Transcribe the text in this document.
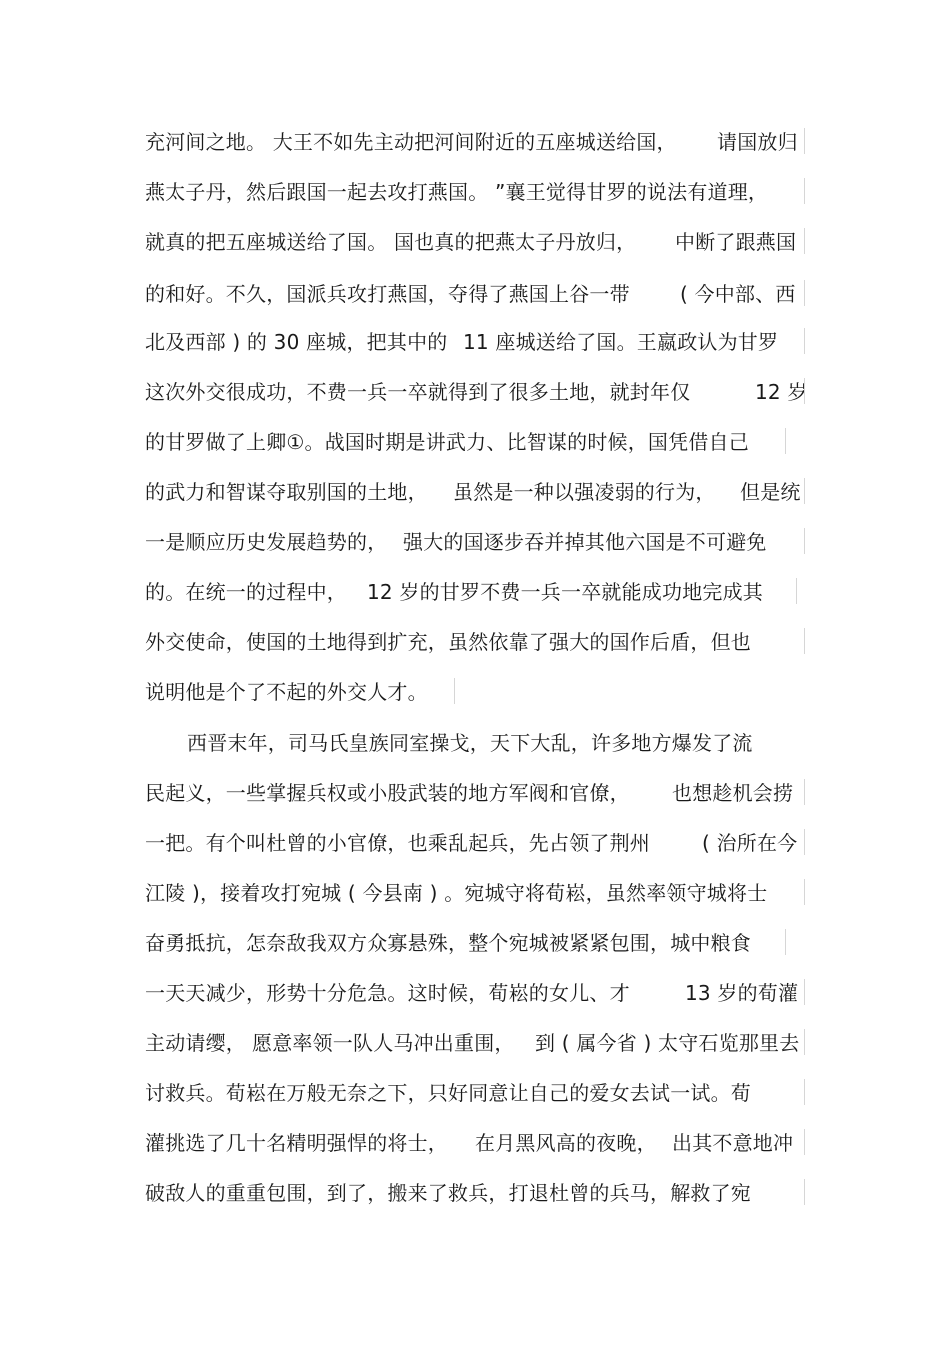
充河间之地。 大王不如先主动把河间附近的五座城送给国， 请国放归
燕太子丹，然后跟国一起去攻打燕国。 ”襄王觉得甘罗的说法有道理，
就真的把五座城送给了国。 国也真的把燕太子丹放归， 中断了跟燕国
的和好。不久，国派兵攻打燕国，夺得了燕国上谷一带	( 今中部、西
北及西部 ) 的 30 座城，把其中的 11 座城送给了国。王嬴政认为甘罗
这次外交很成功，不费一兵一卒就得到了很多土地，就封年仅	12 岁
的甘罗做了上卿①。战国时期是讲武力、比智谋的时候，国凭借自己
的武力和智谋夺取别国的土地， 虽然是一种以强凌弱的行为， 但是统
一是顺应历史发展趋势的， 强大的国逐步吞并掉其他六国是不可避免
的。在统一的过程中， 12 岁的甘罗不费一兵一卒就能成功地完成其
外交使命，使国的土地得到扩充，虽然依靠了强大的国作后盾，但也
说明他是个了不起的外交人才。
西晋末年，司马氏皇族同室操戈，天下大乱，许多地方爆发了流
民起义，一些掌握兵权或小股武装的地方军阀和官僚， 也想趁机会捞
一把。有个叫杜曾的小官僚，也乘乱起兵，先占领了荆州	( 治所在今
江陵 )，接着攻打宛城 ( 今县南 ) 。宛城守将荀崧，虽然率领守城将士
奋勇抵抗，怎奈敌我双方众寡悬殊，整个宛城被紧紧包围，城中粮食
一天天减少，形势十分危急。这时候，荀崧的女儿、才	13 岁的荀灌
主动请缨， 愿意率领一队人马冲出重围， 到 ( 属今省 ) 太守石览那里去
讨救兵。荀崧在万般无奈之下，只好同意让自己的爱女去试一试。荀
灌挑选了几十名精明强悍的将士， 在月黑风高的夜晚， 出其不意地冲
破敌人的重重包围，到了，搬来了救兵，打退杜曾的兵马，解救了宛
